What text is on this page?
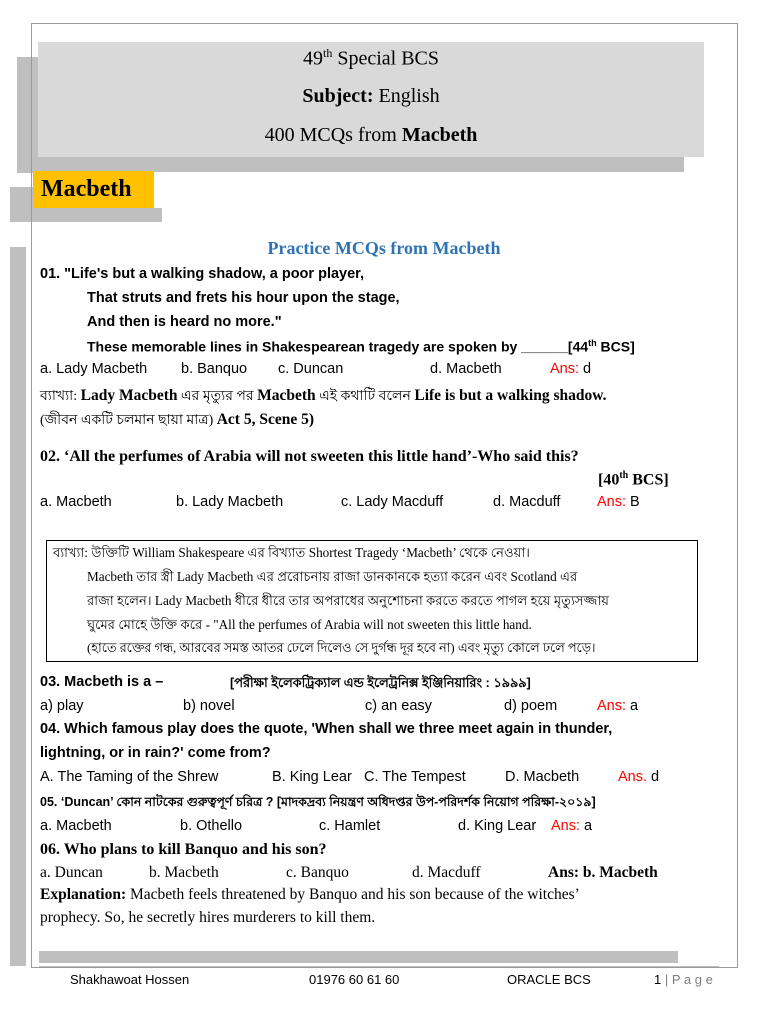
49th Special BCS
Subject: English
400 MCQs from Macbeth
Macbeth
Practice MCQs from Macbeth
01. "Life's but a walking shadow, a poor player,
That struts and frets his hour upon the stage,
And then is heard no more."
These memorable lines in Shakespearean tragedy are spoken by ______[44th BCS]
a. Lady Macbeth b. Banquo c. Duncan	d. Macbeth	Ans: d
ব্যাখ্যা: Lady Macbeth এর মৃত্যুর পর Macbeth এই কথাটি বলেন Life is but a walking shadow.
(জীবন একটি চলমান ছায়া মাত্র) Act 5, Scene 5)
02. ‘All the perfumes of Arabia will not sweeten this little hand’-Who said this?
[40th BCS]
a. Macbeth	b. Lady Macbeth	c. Lady Macduff	d. Macduff	Ans: B
ব্যাখ্যা: উক্তিটি William Shakespeare এর বিখ্যাত Shortest Tragedy ‘Macbeth’ থেকে নেওয়া।
Macbeth তার স্ত্রী Lady Macbeth এর প্ররোচনায় রাজা ডানকানকে হত্যা করেন এবং Scotland এর
রাজা হলেন। Lady Macbeth ধীরে ধীরে তার অপরাধের অনুশোচনা করতে করতে পাগল হয়ে মৃত্যুসজ্জায়
ঘুমের মোহে উক্তি করে - "All the perfumes of Arabia will not sweeten this little hand.
(হাতে রক্তের গন্ধ, আরবের সমস্ত আতর ঢেলে দিলেও সে দুর্গন্ধ দূর হবে না) এবং মৃত্যু কোলে ঢলে পড়ে।
03. Macbeth is a –	[পরীক্ষা ইলেকট্রিক্যাল এন্ড ইলেট্রনিক্স ইঞ্জিনিয়ারিং : ১৯৯৯]
a) play	b) novel	c) an easy	d) poem	Ans: a
04. Which famous play does the quote, 'When shall we three meet again in thunder,
lightning, or in rain?' come from?
A. The Taming of the Shrew	B. King Lear C. The Tempest	D. Macbeth	Ans. d
05. ‘Duncan’ কোন নাটকের গুরুত্বপূর্ণ চরিত্র ? [মাদকদ্রব্য নিয়ন্ত্রণ অধিদপ্তর উপ-পরিদর্শক নিয়োগ পরিক্ষা-২০১৯]
a. Macbeth	b. Othello	c. Hamlet	d. King Lear Ans: a
06. Who plans to kill Banquo and his son?
a. Duncan	b. Macbeth	c. Banquo	d. Macduff	Ans: b. Macbeth
Explanation: Macbeth feels threatened by Banquo and his son because of the witches’
prophecy. So, he secretly hires murderers to kill them.
Shakhawoat Hossen	01976 60 61 60	ORACLE BCS	1 | P a g e
